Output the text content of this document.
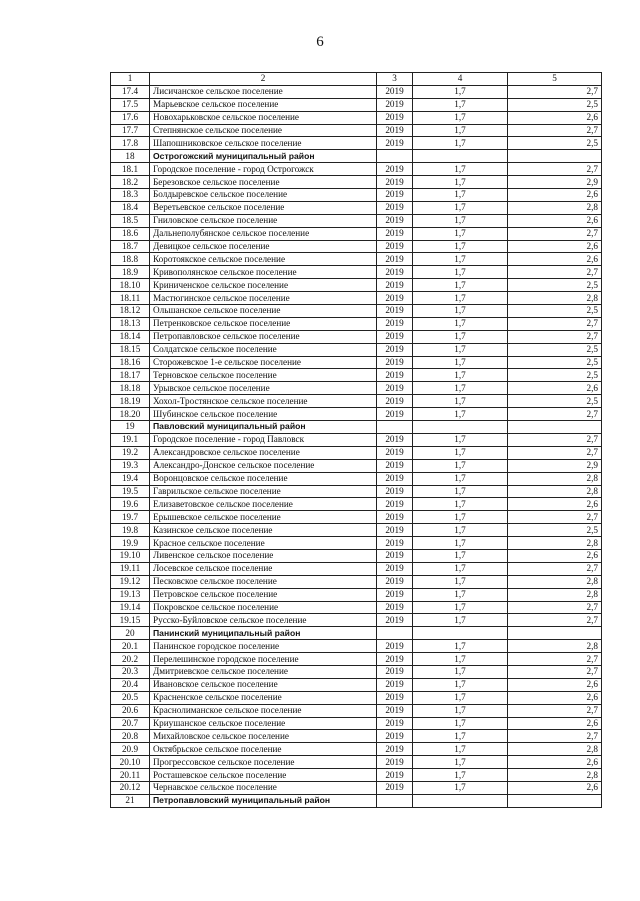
6
1	2	3	4	5
17.4	Лисичанское сельское поселение	2019	1,7	2,7
17.5	Марьевское сельское поселение	2019	1,7	2,5
17.6	Новохарьковское сельское поселение	2019	1,7	2,6
17.7	Степнянское сельское поселение	2019	1,7	2,7
17.8	Шапошниковское сельское поселение	2019	1,7	2,5
18	Острогожский муниципальный район			
18.1	Городское поселение - город Острогожск	2019	1,7	2,7
18.2	Березовское сельское поселение	2019	1,7	2,9
18.3	Болдыревское сельское поселение	2019	1,7	2,6
18.4	Веретьевское сельское поселение	2019	1,7	2,8
18.5	Гниловское сельское поселение	2019	1,7	2,6
18.6	Дальнеполубянское сельское поселение	2019	1,7	2,7
18.7	Девицкое сельское поселение	2019	1,7	2,6
18.8	Коротоякское сельское поселение	2019	1,7	2,6
18.9	Кривополянское сельское поселение	2019	1,7	2,7
18.10	Криниченское сельское поселение	2019	1,7	2,5
18.11	Мастюгинское сельское поселение	2019	1,7	2,8
18.12	Ольшанское сельское поселение	2019	1,7	2,5
18.13	Петренковское сельское поселение	2019	1,7	2,7
18.14	Петропавловское сельское поселение	2019	1,7	2,7
18.15	Солдатское сельское поселение	2019	1,7	2,5
18.16	Сторожевское 1-е сельское поселение	2019	1,7	2,5
18.17	Терновское сельское поселение	2019	1,7	2,5
18.18	Урывское сельское поселение	2019	1,7	2,6
18.19	Хохол-Тростянское сельское поселение	2019	1,7	2,5
18.20	Шубинское сельское поселение	2019	1,7	2,7
19	Павловский муниципальный район			
19.1	Городское поселение - город Павловск	2019	1,7	2,7
19.2	Александровское сельское поселение	2019	1,7	2,7
19.3	Александро-Донское сельское поселение	2019	1,7	2,9
19.4	Воронцовское сельское поселение	2019	1,7	2,8
19.5	Гаврильское сельское поселение	2019	1,7	2,8
19.6	Елизаветовское сельское поселение	2019	1,7	2,6
19.7	Ерышевское сельское поселение	2019	1,7	2,7
19.8	Казинское сельское поселение	2019	1,7	2,5
19.9	Красное сельское поселение	2019	1,7	2,8
19.10	Ливенское сельское поселение	2019	1,7	2,6
19.11	Лосевское сельское поселение	2019	1,7	2,7
19.12	Песковское сельское поселение	2019	1,7	2,8
19.13	Петровское сельское поселение	2019	1,7	2,8
19.14	Покровское сельское поселение	2019	1,7	2,7
19.15	Русско-Буйловское сельское поселение	2019	1,7	2,7
20	Панинский муниципальный район			
20.1	Панинское городское поселение	2019	1,7	2,8
20.2	Перелешинское городское поселение	2019	1,7	2,7
20.3	Дмитриевское сельское поселение	2019	1,7	2,7
20.4	Ивановское сельское поселение	2019	1,7	2,6
20.5	Красненское сельское поселение	2019	1,7	2,6
20.6	Краснолиманское сельское поселение	2019	1,7	2,7
20.7	Криушанское сельское поселение	2019	1,7	2,6
20.8	Михайловское сельское поселение	2019	1,7	2,7
20.9	Октябрьское сельское поселение	2019	1,7	2,8
20.10	Прогрессовское сельское поселение	2019	1,7	2,6
20.11	Росташевское сельское поселение	2019	1,7	2,8
20.12	Чернавское сельское поселение	2019	1,7	2,6
21	Петропавловский муниципальный район			
